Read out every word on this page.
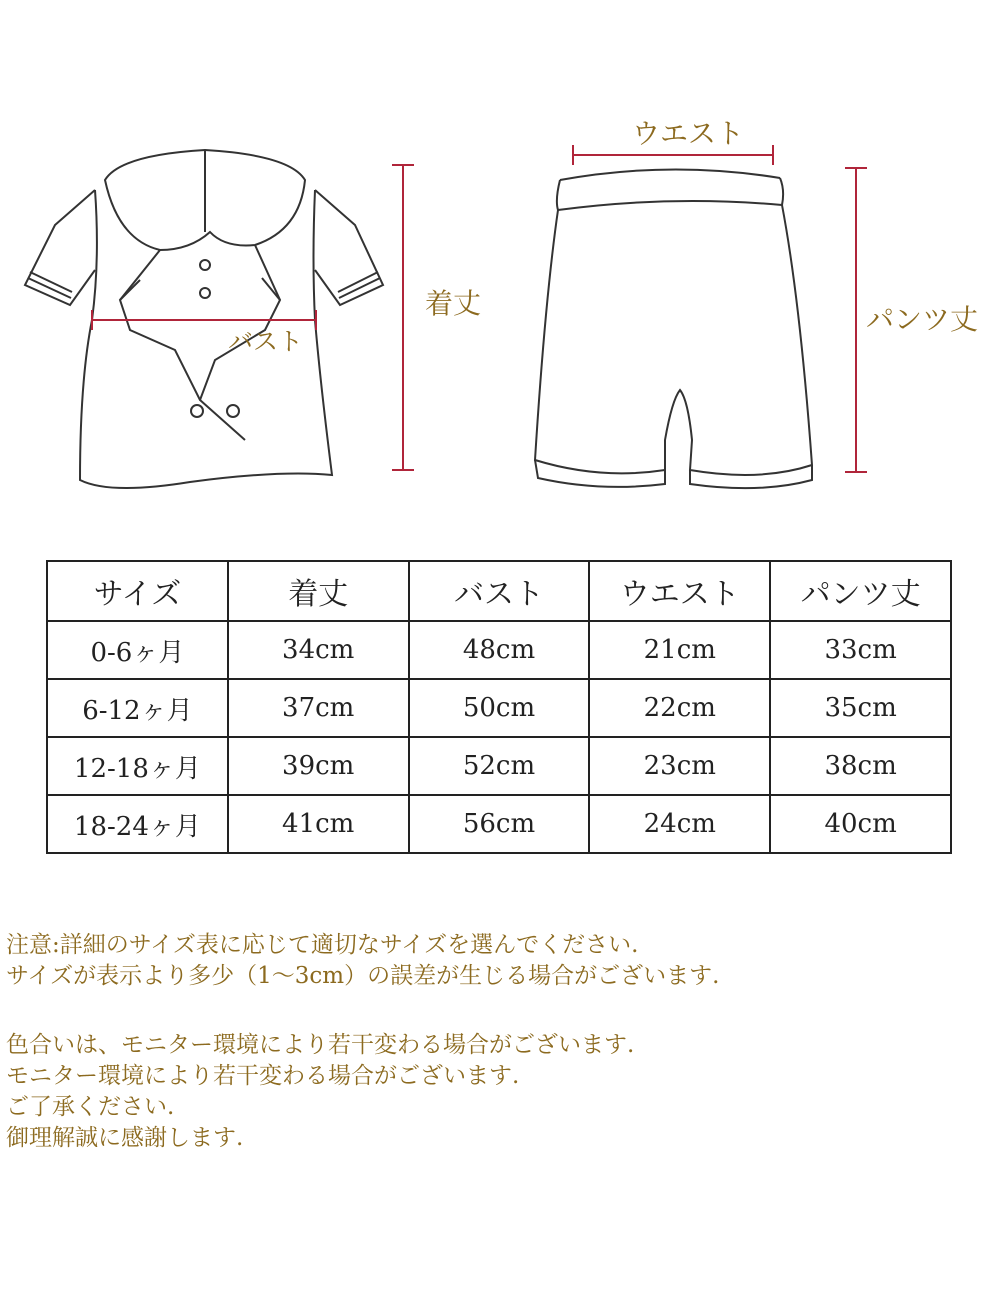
ウエスト
着丈
バスト
パンツ丈
サイズ	着丈	バスト	ウエスト	パンツ丈
0-6ヶ月	34cm	48cm	21cm	33cm
6-12ヶ月	37cm	50cm	22cm	35cm
12-18ヶ月	39cm	52cm	23cm	38cm
18-24ヶ月	41cm	56cm	24cm	40cm
注意:詳細のサイズ表に応じて適切なサイズを選んでください.
サイズが表示より多少（1〜3cm）の誤差が生じる場合がございます.
色合いは、モニター環境により若干変わる場合がございます.
モニター環境により若干変わる場合がございます.
ご了承ください.
御理解誠に感謝します.
